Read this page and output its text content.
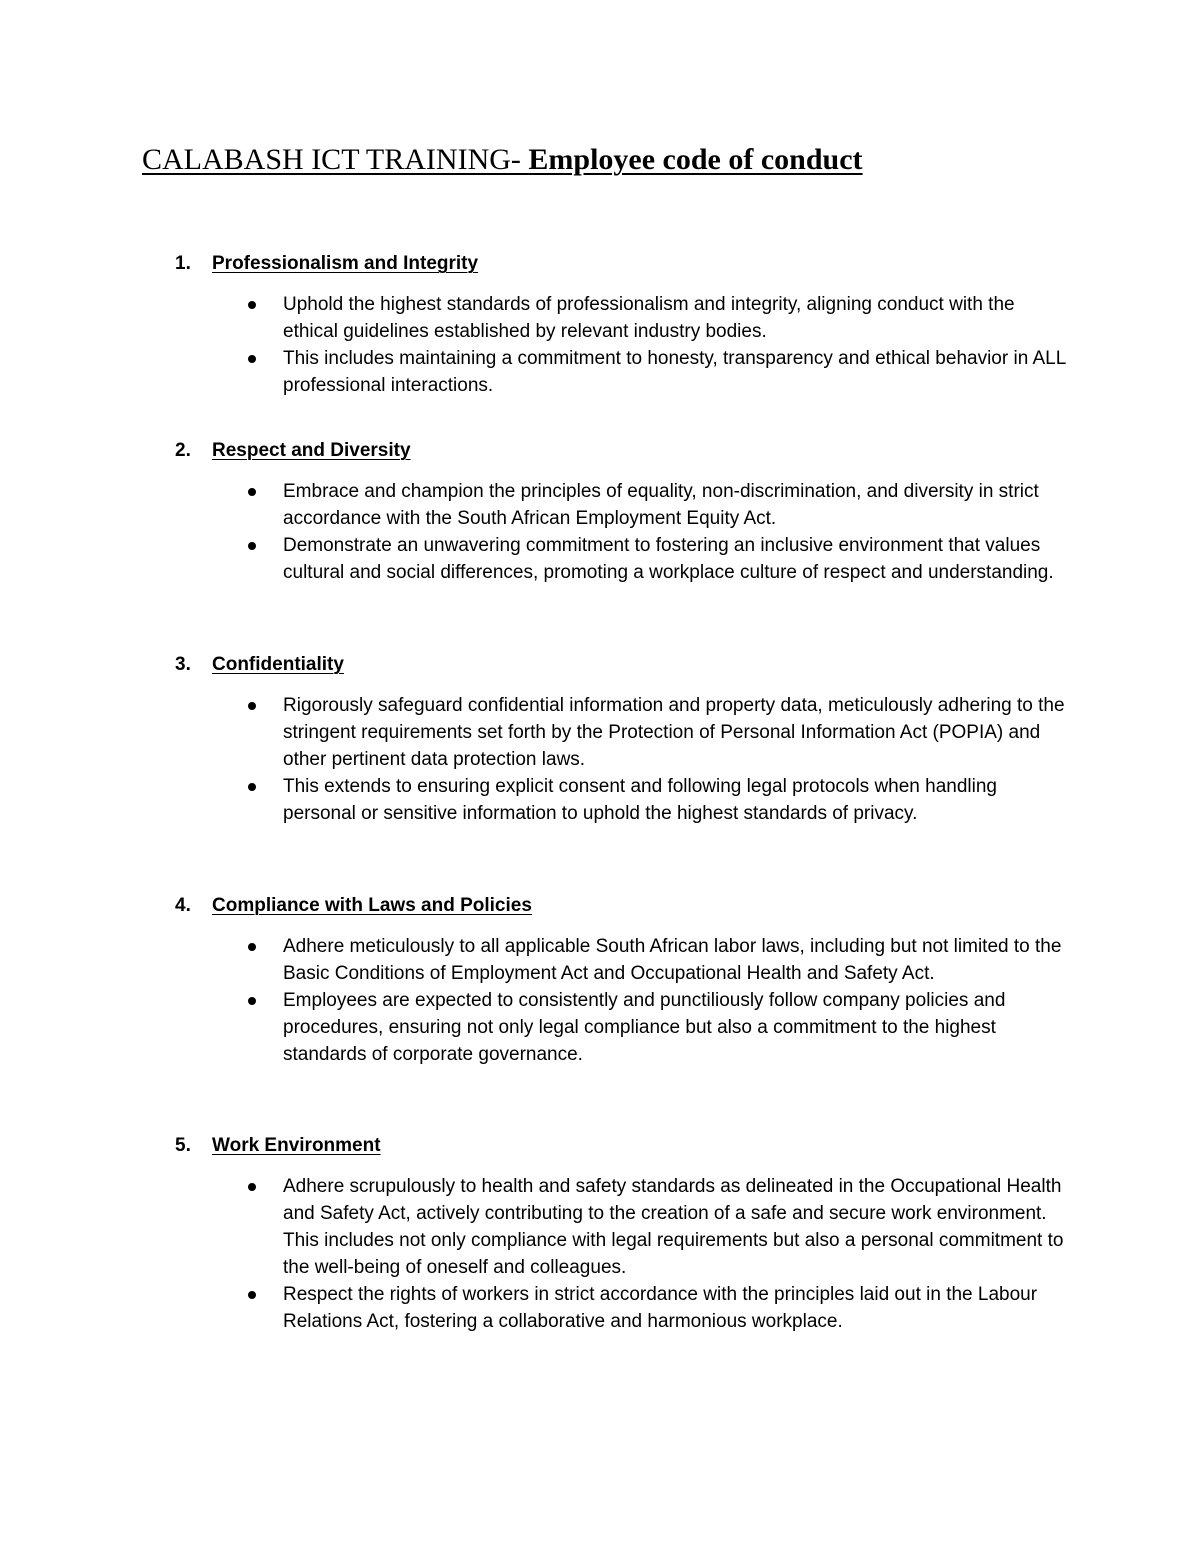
CALABASH ICT TRAINING- Employee code of conduct
1. Professionalism and Integrity
Uphold the highest standards of professionalism and integrity, aligning conduct with the ethical guidelines established by relevant industry bodies.
This includes maintaining a commitment to honesty, transparency and ethical behavior in ALL professional interactions.
2. Respect and Diversity
Embrace and champion the principles of equality, non-discrimination, and diversity in strict accordance with the South African Employment Equity Act.
Demonstrate an unwavering commitment to fostering an inclusive environment that values cultural and social differences, promoting a workplace culture of respect and understanding.
3. Confidentiality
Rigorously safeguard confidential information and property data, meticulously adhering to the stringent requirements set forth by the Protection of Personal Information Act (POPIA) and other pertinent data protection laws.
This extends to ensuring explicit consent and following legal protocols when handling personal or sensitive information to uphold the highest standards of privacy.
4. Compliance with Laws and Policies
Adhere meticulously to all applicable South African labor laws, including but not limited to the Basic Conditions of Employment Act and Occupational Health and Safety Act.
Employees are expected to consistently and punctiliously follow company policies and procedures, ensuring not only legal compliance but also a commitment to the highest standards of corporate governance.
5. Work Environment
Adhere scrupulously to health and safety standards as delineated in the Occupational Health and Safety Act, actively contributing to the creation of a safe and secure work environment. This includes not only compliance with legal requirements but also a personal commitment to the well-being of oneself and colleagues.
Respect the rights of workers in strict accordance with the principles laid out in the Labour Relations Act, fostering a collaborative and harmonious workplace.
